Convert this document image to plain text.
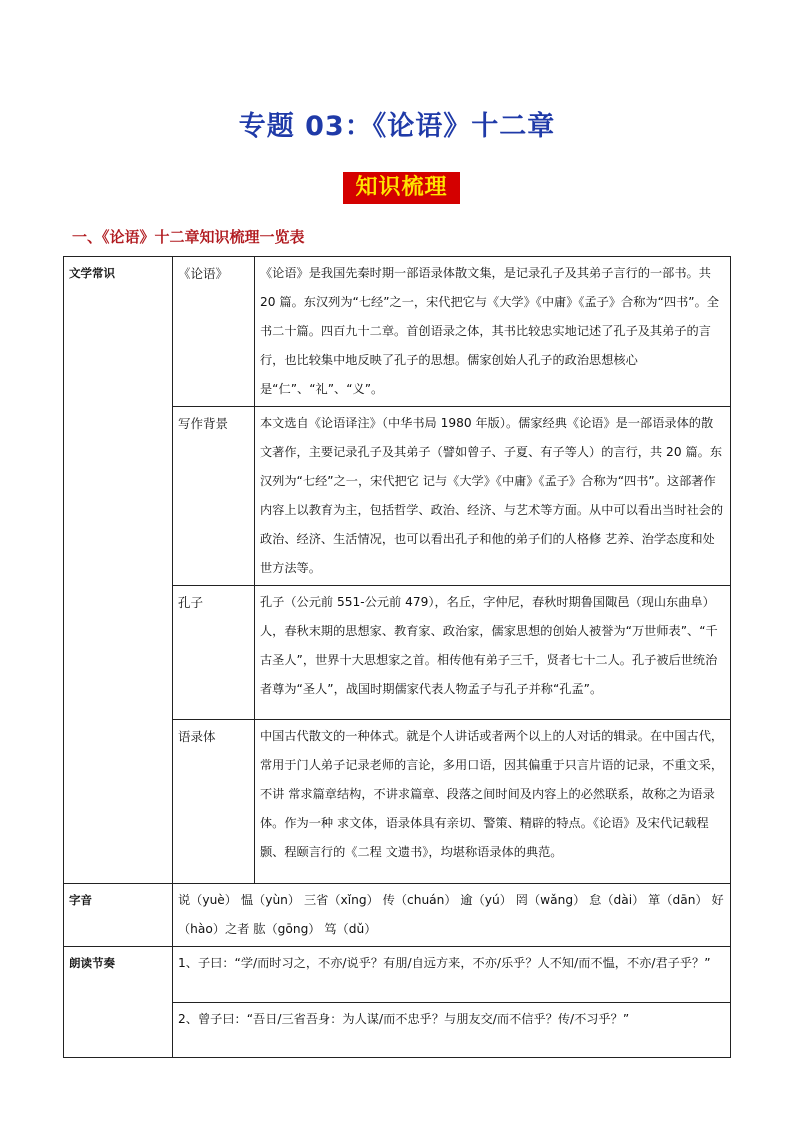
专题 03：《论语》十二章
知识梳理
一、《论语》十二章知识梳理一览表
文学常识	《论语》	《论语》是我国先秦时期一部语录体散文集，是记录孔子及其弟子言行的一部书。共 20 篇。东汉列为“七经”之一，宋代把它与《大学》《中庸》《孟子》合称为“四书”。全书二十篇。四百九十二章。首创语录之体，其书比较忠实地记述了孔子及其弟子的言行，也比较集中地反映了孔子的思想。儒家创始人孔子的政治思想核心是“仁”、“礼”、“义”。
	写作背景	本文选自《论语译注》（中华书局 1980 年版）。儒家经典《论语》是一部语录体的散文著作，主要记录孔子及其弟子（譬如曾子、子夏、有子等人）的言行，共 20 篇。东汉列为“七经”之一，宋代把它 记与《大学》《中庸》《孟子》合称为“四书”。这部著作内容上以教育为主，包括哲学、政治、经济、与艺术等方面。从中可以看出当时社会的政治、经济、生活情况，也可以看出孔子和他的弟子们的人格修 艺养、治学态度和处世方法等。
	孔子	孔子（公元前 551-公元前 479），名丘，字仲尼，春秋时期鲁国陬邑（现山东曲阜）人，春秋末期的思想家、教育家、政治家，儒家思想的创始人被誉为“万世师表”、“千古圣人”，世界十大思想家之首。相传他有弟子三千，贤者七十二人。孔子被后世统治者尊为“圣人”，战国时期儒家代表人物孟子与孔子并称“孔孟”。
	语录体	中国古代散文的一种体式。就是个人讲话或者两个以上的人对话的辑录。在中国古代，常用于门人弟子记录老师的言论，多用口语，因其偏重于只言片语的记录，不重文采，不讲 常求篇章结构，不讲求篇章、段落之间时间及内容上的必然联系，故称之为语录体。作为一种 求文体，语录体具有亲切、警策、精辟的特点。《论语》及宋代记载程颢、程颐言行的《二程 文遗书》，均堪称语录体的典范。
字音	说（yuè） 愠（yùn） 三省（xǐng） 传（chuán） 逾（yú） 罔（wǎng） 怠（dài） 箪（dān） 好（hào）之者 肱（gōng） 笃（dǔ）	
朗读节奏	1、子曰：“学/而时习之，不亦/说乎？有朋/自远方来，不亦/乐乎？人不知/而不愠，不亦/君子乎？”	
	2、曾子曰：“吾日/三省吾身：为人谋/而不忠乎？与朋友交/而不信乎？传/不习乎？”	
